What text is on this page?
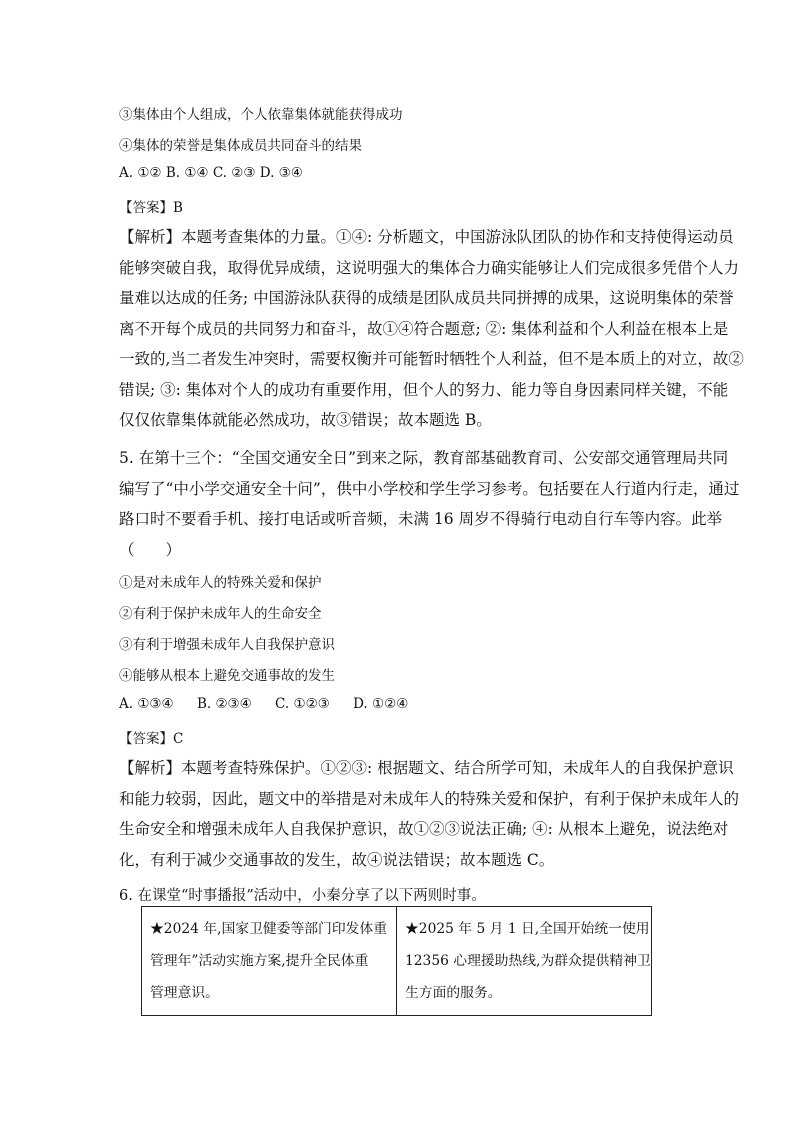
③集体由个人组成，个人依靠集体就能获得成功
④集体的荣誉是集体成员共同奋斗的结果
A. ①② B. ①④ C. ②③ D. ③④
【答案】B
【解析】本题考查集体的力量。①④: 分析题文，中国游泳队团队的协作和支持使得运动员
能够突破自我，取得优异成绩，这说明强大的集体合力确实能够让人们完成很多凭借个人力
量难以达成的任务; 中国游泳队获得的成绩是团队成员共同拼搏的成果，这说明集体的荣誉
离不开每个成员的共同努力和奋斗，故①④符合题意; ②: 集体利益和个人利益在根本上是
一致的,当二者发生冲突时，需要权衡并可能暂时牺牲个人利益，但不是本质上的对立，故②
错误; ③: 集体对个人的成功有重要作用，但个人的努力、能力等自身因素同样关键，不能
仅仅依靠集体就能必然成功，故③错误；故本题选 B。
5. 在第十三个：“全国交通安全日”到来之际，教育部基础教育司、公安部交通管理局共同
编写了“中小学交通安全十问”，供中小学校和学生学习参考。包括要在人行道内行走，通过
路口时不要看手机、接打电话或听音频，未满 16 周岁不得骑行电动自行车等内容。此举
（　　）
①是对未成年人的特殊关爱和保护
②有利于保护未成年人的生命安全
③有利于增强未成年人自我保护意识
④能够从根本上避免交通事故的发生
A. ①③④ B. ②③④ C. ①②③ D. ①②④
【答案】C
【解析】本题考查特殊保护。①②③: 根据题文、结合所学可知，未成年人的自我保护意识
和能力较弱，因此，题文中的举措是对未成年人的特殊关爱和保护，有利于保护未成年人的
生命安全和增强未成年人自我保护意识，故①②③说法正确; ④: 从根本上避免，说法绝对
化，有利于减少交通事故的发生，故④说法错误；故本题选 C。
6. 在课堂“时事播报”活动中，小秦分享了以下两则时事。
★2024 年,国家卫健委等部门印发体重
管理年”活动实施方案,提升全民体重
管理意识。

★2025 年 5 月 1 日,全国开始统一使用
12356 心理援助热线,为群众提供精神卫
生方面的服务。
